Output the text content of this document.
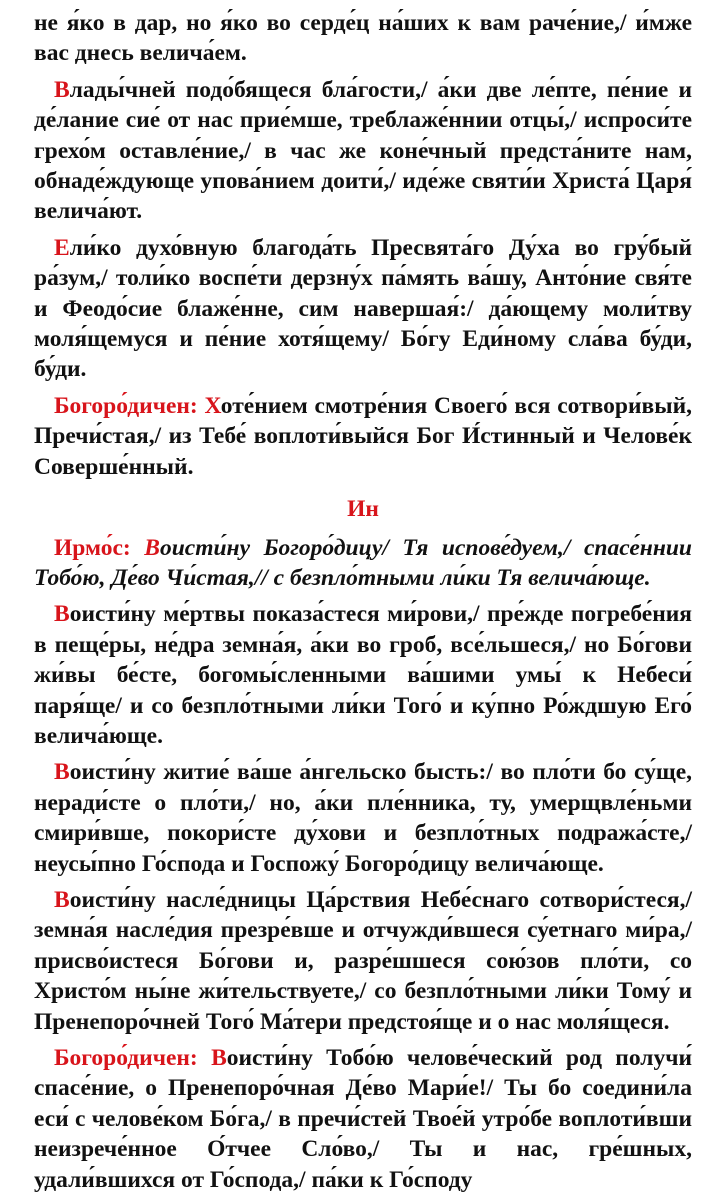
не я́ко в дар, но я́ко во серде́ц на́ших к вам раче́ние,/ и́мже вас днесь велича́ем.

Влады́чней подо́бящеся бла́гости,/ а́ки две ле́пте, пе́ние и де́лание сие́ от нас прие́мше, треблаже́ннии отцы́,/ испроси́те грехо́м оставле́ние,/ в час же коне́чный предста́ните нам, обнаде́ждующе упова́нием доити́,/ иде́же святи́и Христа́ Царя́ велича́ют.

Ели́ко духо́вную благода́ть Пресвята́го Ду́ха во гру́бый ра́зум,/ толи́ко воспе́ти дерзну́х па́мять ва́шу, Анто́ние свя́те и Феодо́сие блаже́нне, сим навершая́:/ да́ющему моли́тву моля́щемуся и пе́ние хотя́щему/ Бо́гу Еди́ному сла́ва бу́ди, бу́ди.

Богоро́дичен: Хоте́нием смотре́ния Своего́ вся сотвори́вый, Пречи́стая,/ из Тебе́ воплоти́выйся Бог И́стинный и Челове́к Соверше́нный.

Ин

Ирмо́с: Воисти́ну Богоро́дицу/ Тя испове́дуем,/ спасе́ннии Тобо́ю, Де́во Чи́стая,// с безпло́тными ли́ки Тя велича́юще.

Воисти́ну ме́ртвы показа́стеся ми́рови,/ пре́жде погребе́ния в пеще́ры, не́дра земна́я, а́ки во гроб, все́льшеся,/ но Бо́гови жи́вы бе́сте, богомы́сленными ва́шими умы́ к Небеси́ паря́ще/ и со безпло́тными ли́ки Того́ и ку́пно Ро́ждшую Его́ велича́юще.

Воисти́ну житие́ ва́ше а́нгельско бысть:/ во пло́ти бо су́ще, неради́сте о пло́ти,/ но, а́ки пле́нника, ту, умерщвле́ньми смири́вше, покори́сте ду́хови и безпло́тных подража́сте,/ неусы́пно Го́спода и Госпожу́ Богоро́дицу велича́юще.

Воисти́ну насле́дницы Ца́рствия Небе́снаго сотвори́стеся,/ земна́я насле́дия презре́вше и отчужди́вшеся су́етнаго ми́ра,/ присво́истеся Бо́гови и, разре́шшеся сою́зов пло́ти, со Христо́м ны́не жи́тельствуете,/ со безпло́тными ли́ки Тому́ и Пренепоро́чней Того́ Ма́тери предстоя́ще и о нас моля́щеся.

Богоро́дичен: Воисти́ну Тобо́ю челове́ческий род получи́ спасе́ние, о Пренепоро́чная Де́во Мари́е!/ Ты бо соедини́ла еси́ с челове́ком Бо́га,/ в пречи́стей Твое́й утро́бе воплоти́вши неизрече́нное О́тчее Сло́во,/ Ты и нас, гре́шных, удали́вшихся от Го́спода,/ па́ки к Го́споду
